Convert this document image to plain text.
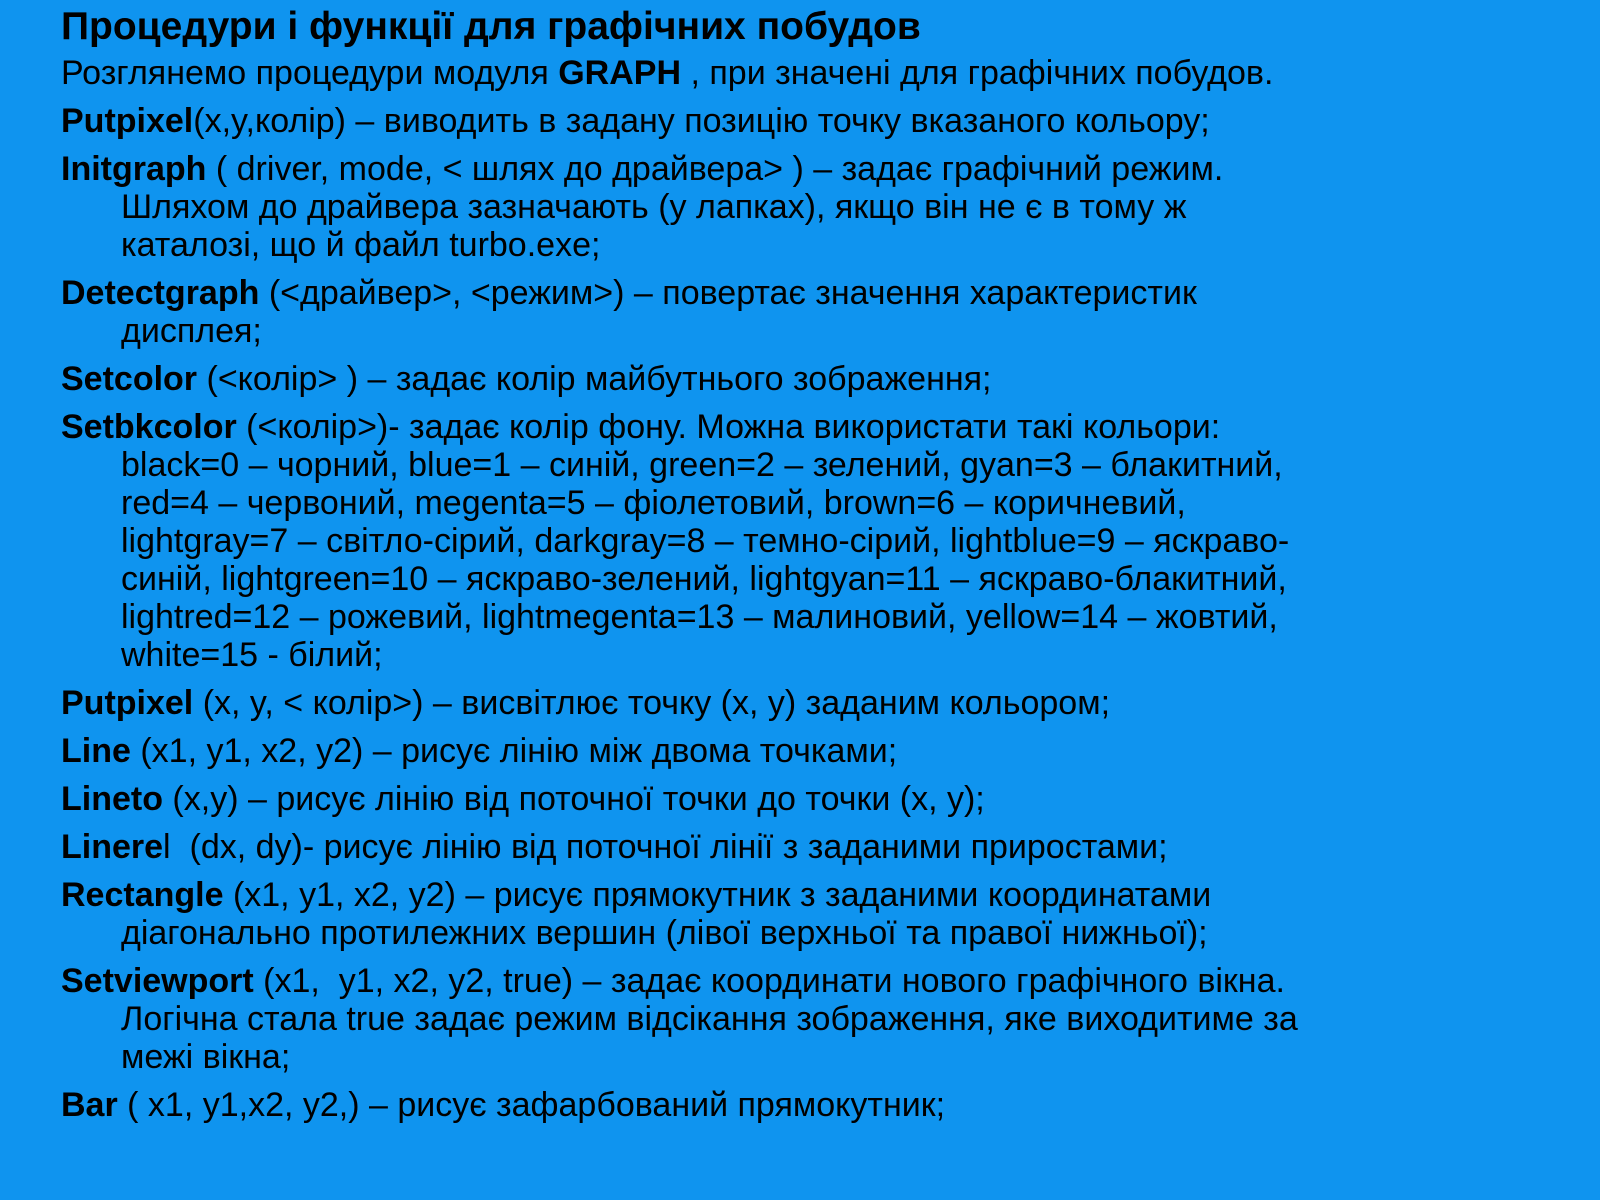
Процедури і функції для графічних побудов
Розглянемо процедури модуля GRAPH , при значені для графічних побудов.
Putpixel(x,y,колір) – виводить в задану позицію точку вказаного кольору;
Initgraph ( driver, mode, < шлях до драйвера> ) – задає графічний режим.
Шляхом до драйвера зазначають (у лапках), якщо він не є в тому ж
каталозі, що й файл turbo.exe;
Detectgraph (<драйвер>, <режим>) – повертає значення характеристик
дисплея;
Setcolor (<колір> ) – задає колір майбутнього зображення;
Setbkcolor (<колір>)- задає колір фону. Можна використати такі кольори:
black=0 – чорний, blue=1 – синій, green=2 – зелений, gyan=3 – блакитний,
red=4 – червоний, megenta=5 – фіолетовий, brown=6 – коричневий,
lightgray=7 – світло-сірий, darkgray=8 – темно-сірий, lightblue=9 – яскраво-
синій, lightgreen=10 – яскраво-зелений, lightgyan=11 – яскраво-блакитний,
lightred=12 – рожевий, lightmegenta=13 – малиновий, yellow=14 – жовтий,
white=15 - білий;
Putpixel (x, y, < колір>) – висвітлює точку (x, y) заданим кольором;
Line (x1, y1, x2, y2) – рисує лінію між двома точками;
Lineto (x,y) – рисує лінію від поточної точки до точки (x, y);
Linerel  (dx, dy)- рисує лінію від поточної лінії з заданими приростами;
Rectangle (x1, y1, x2, y2) – рисує прямокутник з заданими координатами
діагонально протилежних вершин (лівої верхньої та правої нижньої);
Setviewport (x1,  y1, x2, y2, true) – задає координати нового графічного вікна.
Логічна стала true задає режим відсікання зображення, яке виходитиме за
межі вікна;
Bar ( x1, y1,x2, y2,) – рисує зафарбований прямокутник;
